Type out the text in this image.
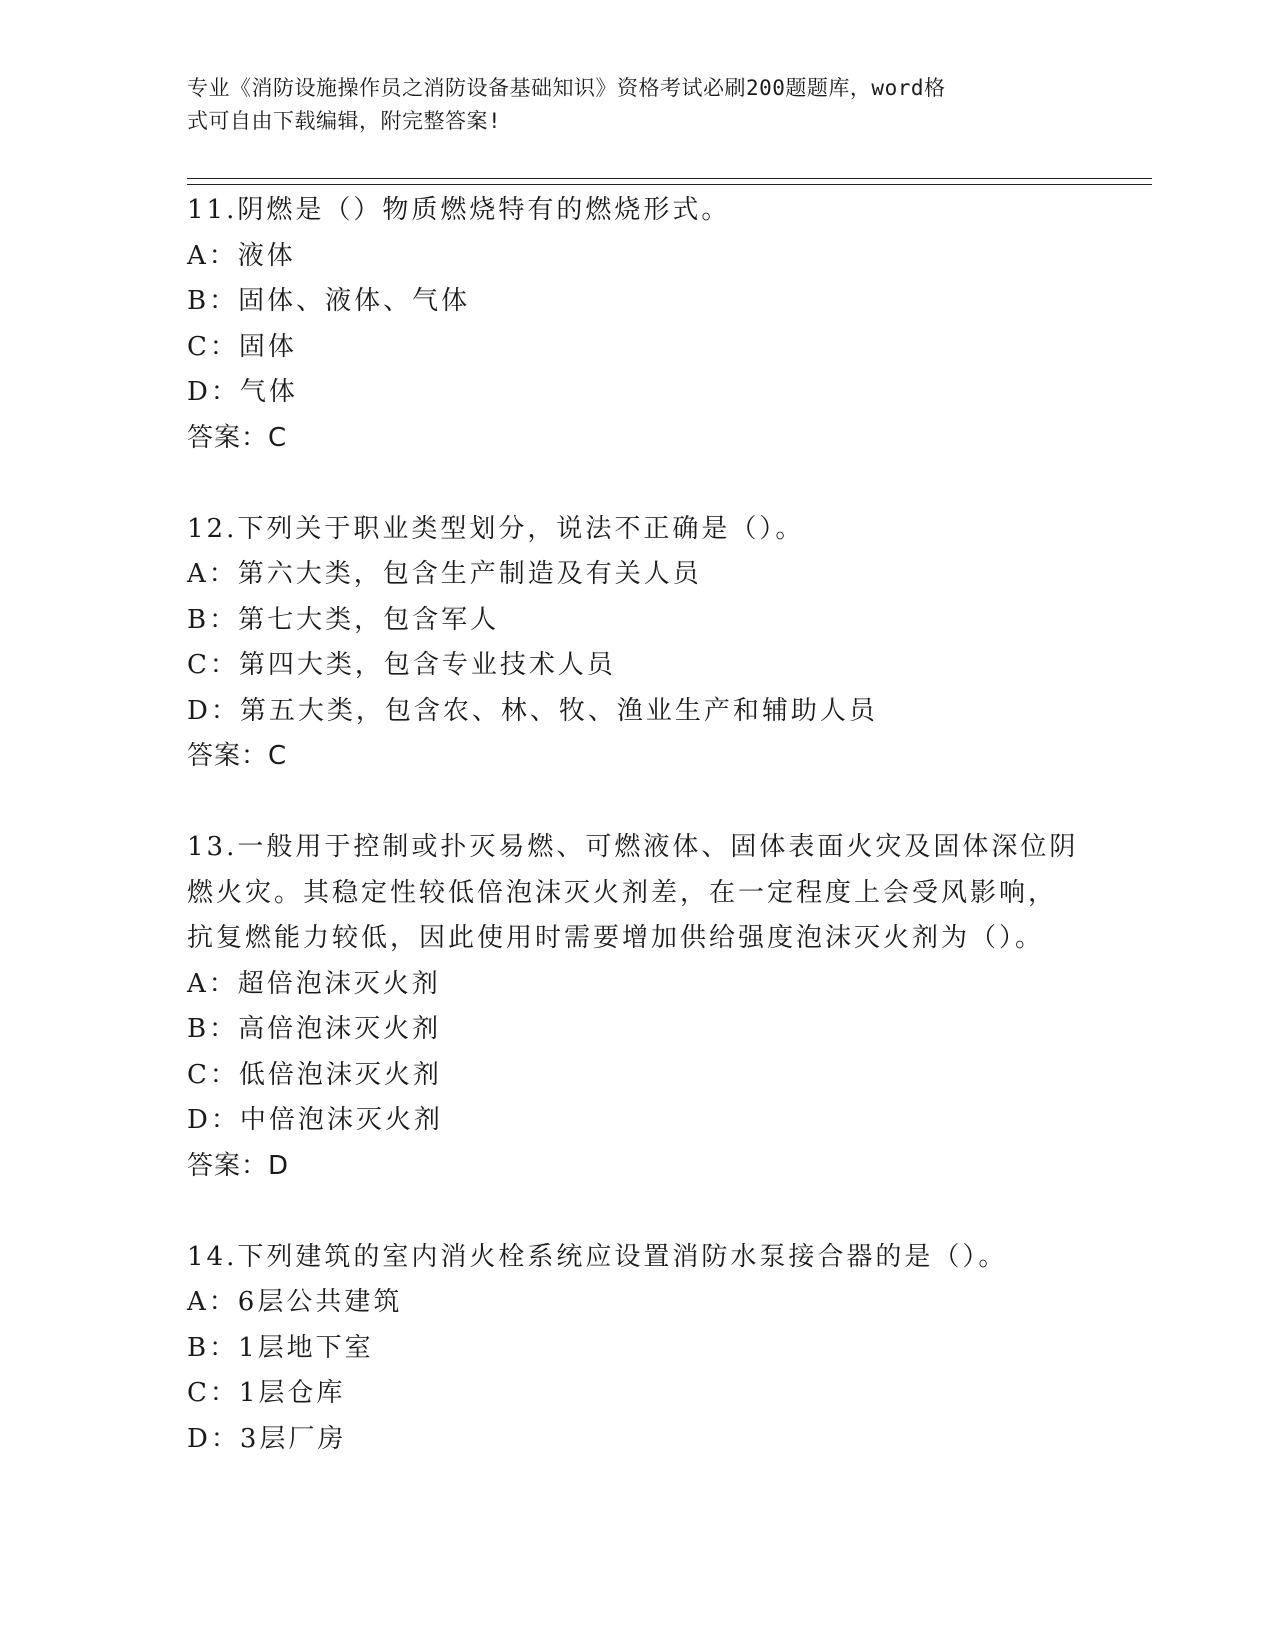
专业《消防设施操作员之消防设备基础知识》资格考试必刷200题题库，word格
式可自由下载编辑，附完整答案!
11.阴燃是（）物质燃烧特有的燃烧形式。
A：液体
B：固体、液体、气体
C：固体
D：气体
答案：C
12.下列关于职业类型划分，说法不正确是（）。
A：第六大类，包含生产制造及有关人员
B：第七大类，包含军人
C：第四大类，包含专业技术人员
D：第五大类，包含农、林、牧、渔业生产和辅助人员
答案：C
13.一般用于控制或扑灭易燃、可燃液体、固体表面火灾及固体深位阴
燃火灾。其稳定性较低倍泡沫灭火剂差，在一定程度上会受风影响，
抗复燃能力较低，因此使用时需要增加供给强度泡沫灭火剂为（）。
A：超倍泡沫灭火剂
B：高倍泡沫灭火剂
C：低倍泡沫灭火剂
D：中倍泡沫灭火剂
答案：D
14.下列建筑的室内消火栓系统应设置消防水泵接合器的是（）。
A：6层公共建筑
B：1层地下室
C：1层仓库
D：3层厂房
